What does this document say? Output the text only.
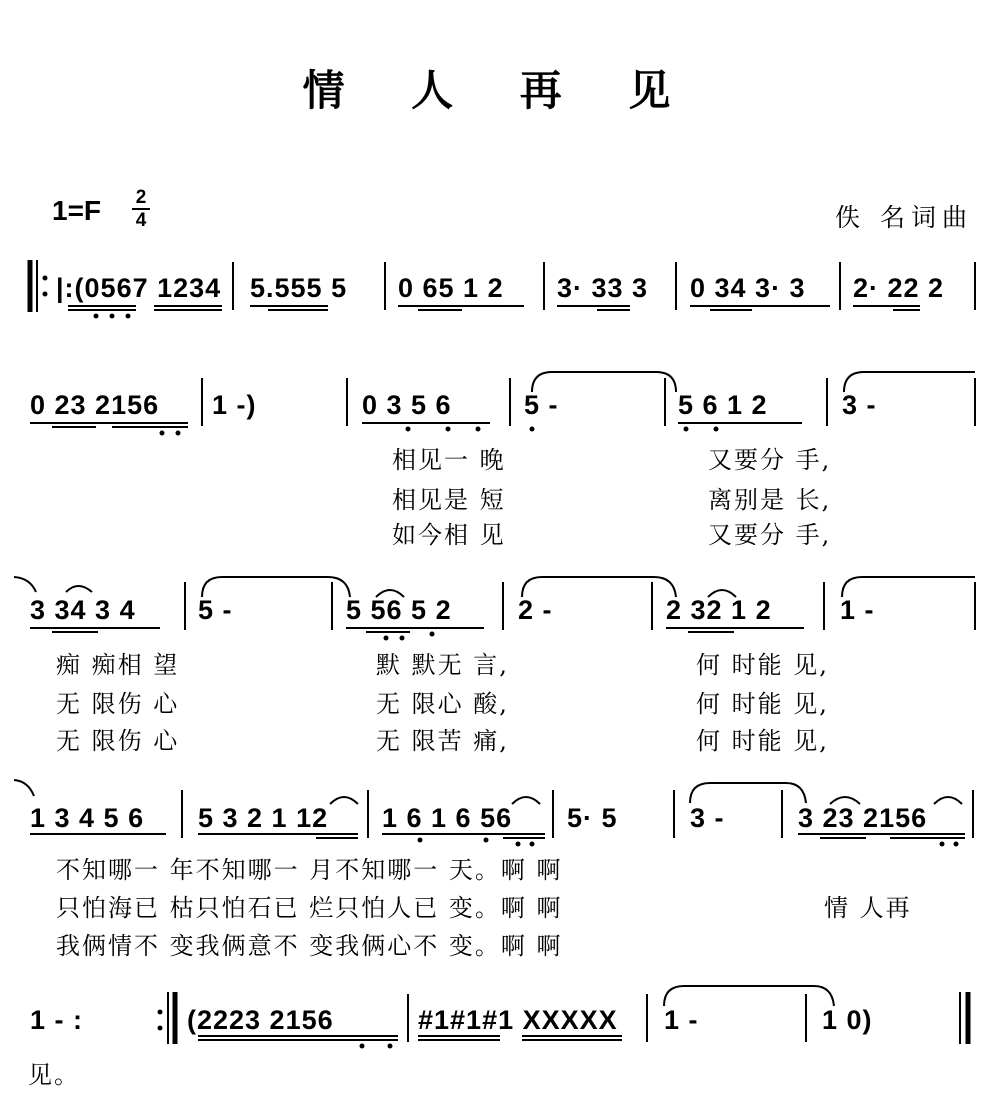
情 人 再 见
1=F	2
4	佚 名词曲
|:(0567 1234 5.555 5 0 65 1 2 3· 33 3 0 34 3· 3 2· 22 2
0 23 2156 1 -)	0 3 5 6	5 -	5 6 1 2	3 -
相见一 晚	又要分 手,
相见是 短	离别是 长,
如今相 见	又要分 手,
3 34 3 4 5 -	5 56 5 2 2 -	2 32 1 2	1 -
痴 痴相 望	默 默无 言,	何 时能 见,
无 限伤 心	无 限心 酸,	何 时能 见,
无 限伤 心	无 限苦 痛,	何 时能 见,
1 3 4 5 6 5 3 2 1 12 1 6 1 6 56 5· 5	3 -	3 23 2156
不知哪一 年不知哪一 月不知哪一 天。啊 啊
只怕海已 枯只怕石已 烂只怕人已 变。啊 啊
我俩情不 变我俩意不 变我俩心不 变。啊 啊
情 人再
1 - :	(2223 2156	#1#1#1 XXXXX 1 -	1 0)
见。
